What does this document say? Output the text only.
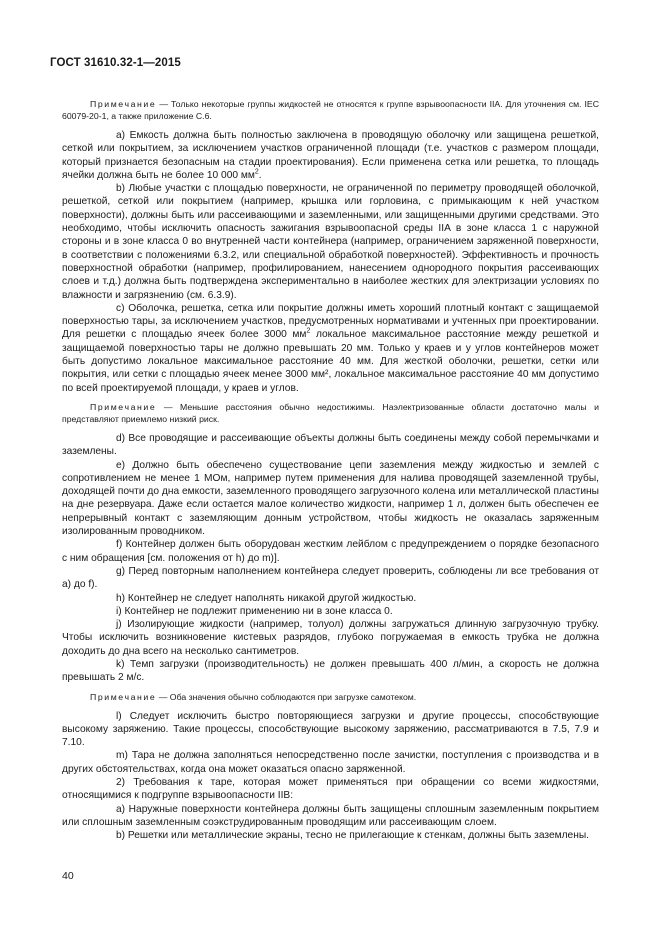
ГОСТ 31610.32-1—2015

Примечание — Только некоторые группы жидкостей не относятся к группе взрывоопасности IIA. Для уточнения см. IEC 60079-20-1, а также приложение С.6.

a) Емкость должна быть полностью заключена в проводящую оболочку или защищена решеткой, сеткой или покрытием, за исключением участков ограниченной площади (т.е. участков с размером площади, который признается безопасным на стадии проектирования). Если применена сетка или решетка, то площадь ячейки должна быть не более 10 000 $мм^2$.

b) Любые участки с площадью поверхности, не ограниченной по периметру проводящей оболочкой, решеткой, сеткой или покрытием (например, крышка или горловина, с примыкающим к ней участком поверхности), должны быть или рассеивающими и заземленными, или защищенными другими средствами. Это необходимо, чтобы исключить опасность зажигания взрывоопасной среды IIA в зоне класса 1 с наружной стороны и в зоне класса 0 во внутренней части контейнера (например, ограничением заряженной поверхности, в соответствии с положениями 6.3.2, или специальной обработкой поверхностей). Эффективность и прочность поверхностной обработки (например, профилированием, нанесением однородного покрытия рассеивающих слоев и т.д.) должна быть подтверждена экспериментально в наиболее жестких для электризации условиях по влажности и загрязнению (см. 6.3.9).

c) Оболочка, решетка, сетка или покрытие должны иметь хороший плотный контакт с защищаемой поверхностью тары, за исключением участков, предусмотренных нормативами и учтенных при проектировании. Для решетки с площадью ячеек более 3000 $мм^2$ локальное максимальное расстояние между решеткой и защищаемой поверхностью тары не должно превышать 20 мм. Только у краев и у углов контейнеров может быть допустимо локальное максимальное расстояние 40 мм. Для жесткой оболочки, решетки, сетки или покрытия, или сетки с площадью ячеек менее 3000 мм², локальное максимальное расстояние 40 мм допустимо по всей проектируемой площади, у краев и углов.

Примечание — Меньшие расстояния обычно недостижимы. Наэлектризованные области достаточно малы и представляют приемлемо низкий риск.

d) Все проводящие и рассеивающие объекты должны быть соединены между собой перемычками и заземлены.

e) Должно быть обеспечено существование цепи заземления между жидкостью и землей с сопротивлением не менее 1 МОм, например путем применения для налива проводящей заземленной трубы, доходящей почти до дна емкости, заземленного проводящего загрузочного колена или металлической пластины на дне резервуара. Даже если остается малое количество жидкости, например 1 л, должен быть обеспечен ее непрерывный контакт с заземляющим донным устройством, чтобы жидкость не оказалась заряженным изолированным проводником.

f) Контейнер должен быть оборудован жестким лейблом с предупреждением о порядке безопасного с ним обращения [см. положения от h) до m)].

g) Перед повторным наполнением контейнера следует проверить, соблюдены ли все требования от a) до f).

h) Контейнер не следует наполнять никакой другой жидкостью.

i) Контейнер не подлежит применению ни в зоне класса 0.

j) Изолирующие жидкости (например, толуол) должны загружаться длинную загрузочную трубку. Чтобы исключить возникновение кистевых разрядов, глубоко погружаемая в емкость трубка не должна доходить до дна всего на несколько сантиметров.

k) Темп загрузки (производительность) не должен превышать 400 л/мин, а скорость не должна превышать 2 м/с.

Примечание — Оба значения обычно соблюдаются при загрузке самотеком.

l) Следует исключить быстро повторяющиеся загрузки и другие процессы, способствующие высокому заряжению. Такие процессы, способствующие высокому заряжению, рассматриваются в 7.5, 7.9 и 7.10.

m) Тара не должна заполняться непосредственно после зачистки, поступления с производства и в других обстоятельствах, когда она может оказаться опасно заряженной.

2) Требования к таре, которая может применяться при обращении со всеми жидкостями, относящимися к подгруппе взрывоопасности IIB:

a) Наружные поверхности контейнера должны быть защищены сплошным заземленным покрытием или сплошным заземленным соэкструдированным проводящим или рассеивающим слоем.

b) Решетки или металлические экраны, тесно не прилегающие к стенкам, должны быть заземлены.

40
